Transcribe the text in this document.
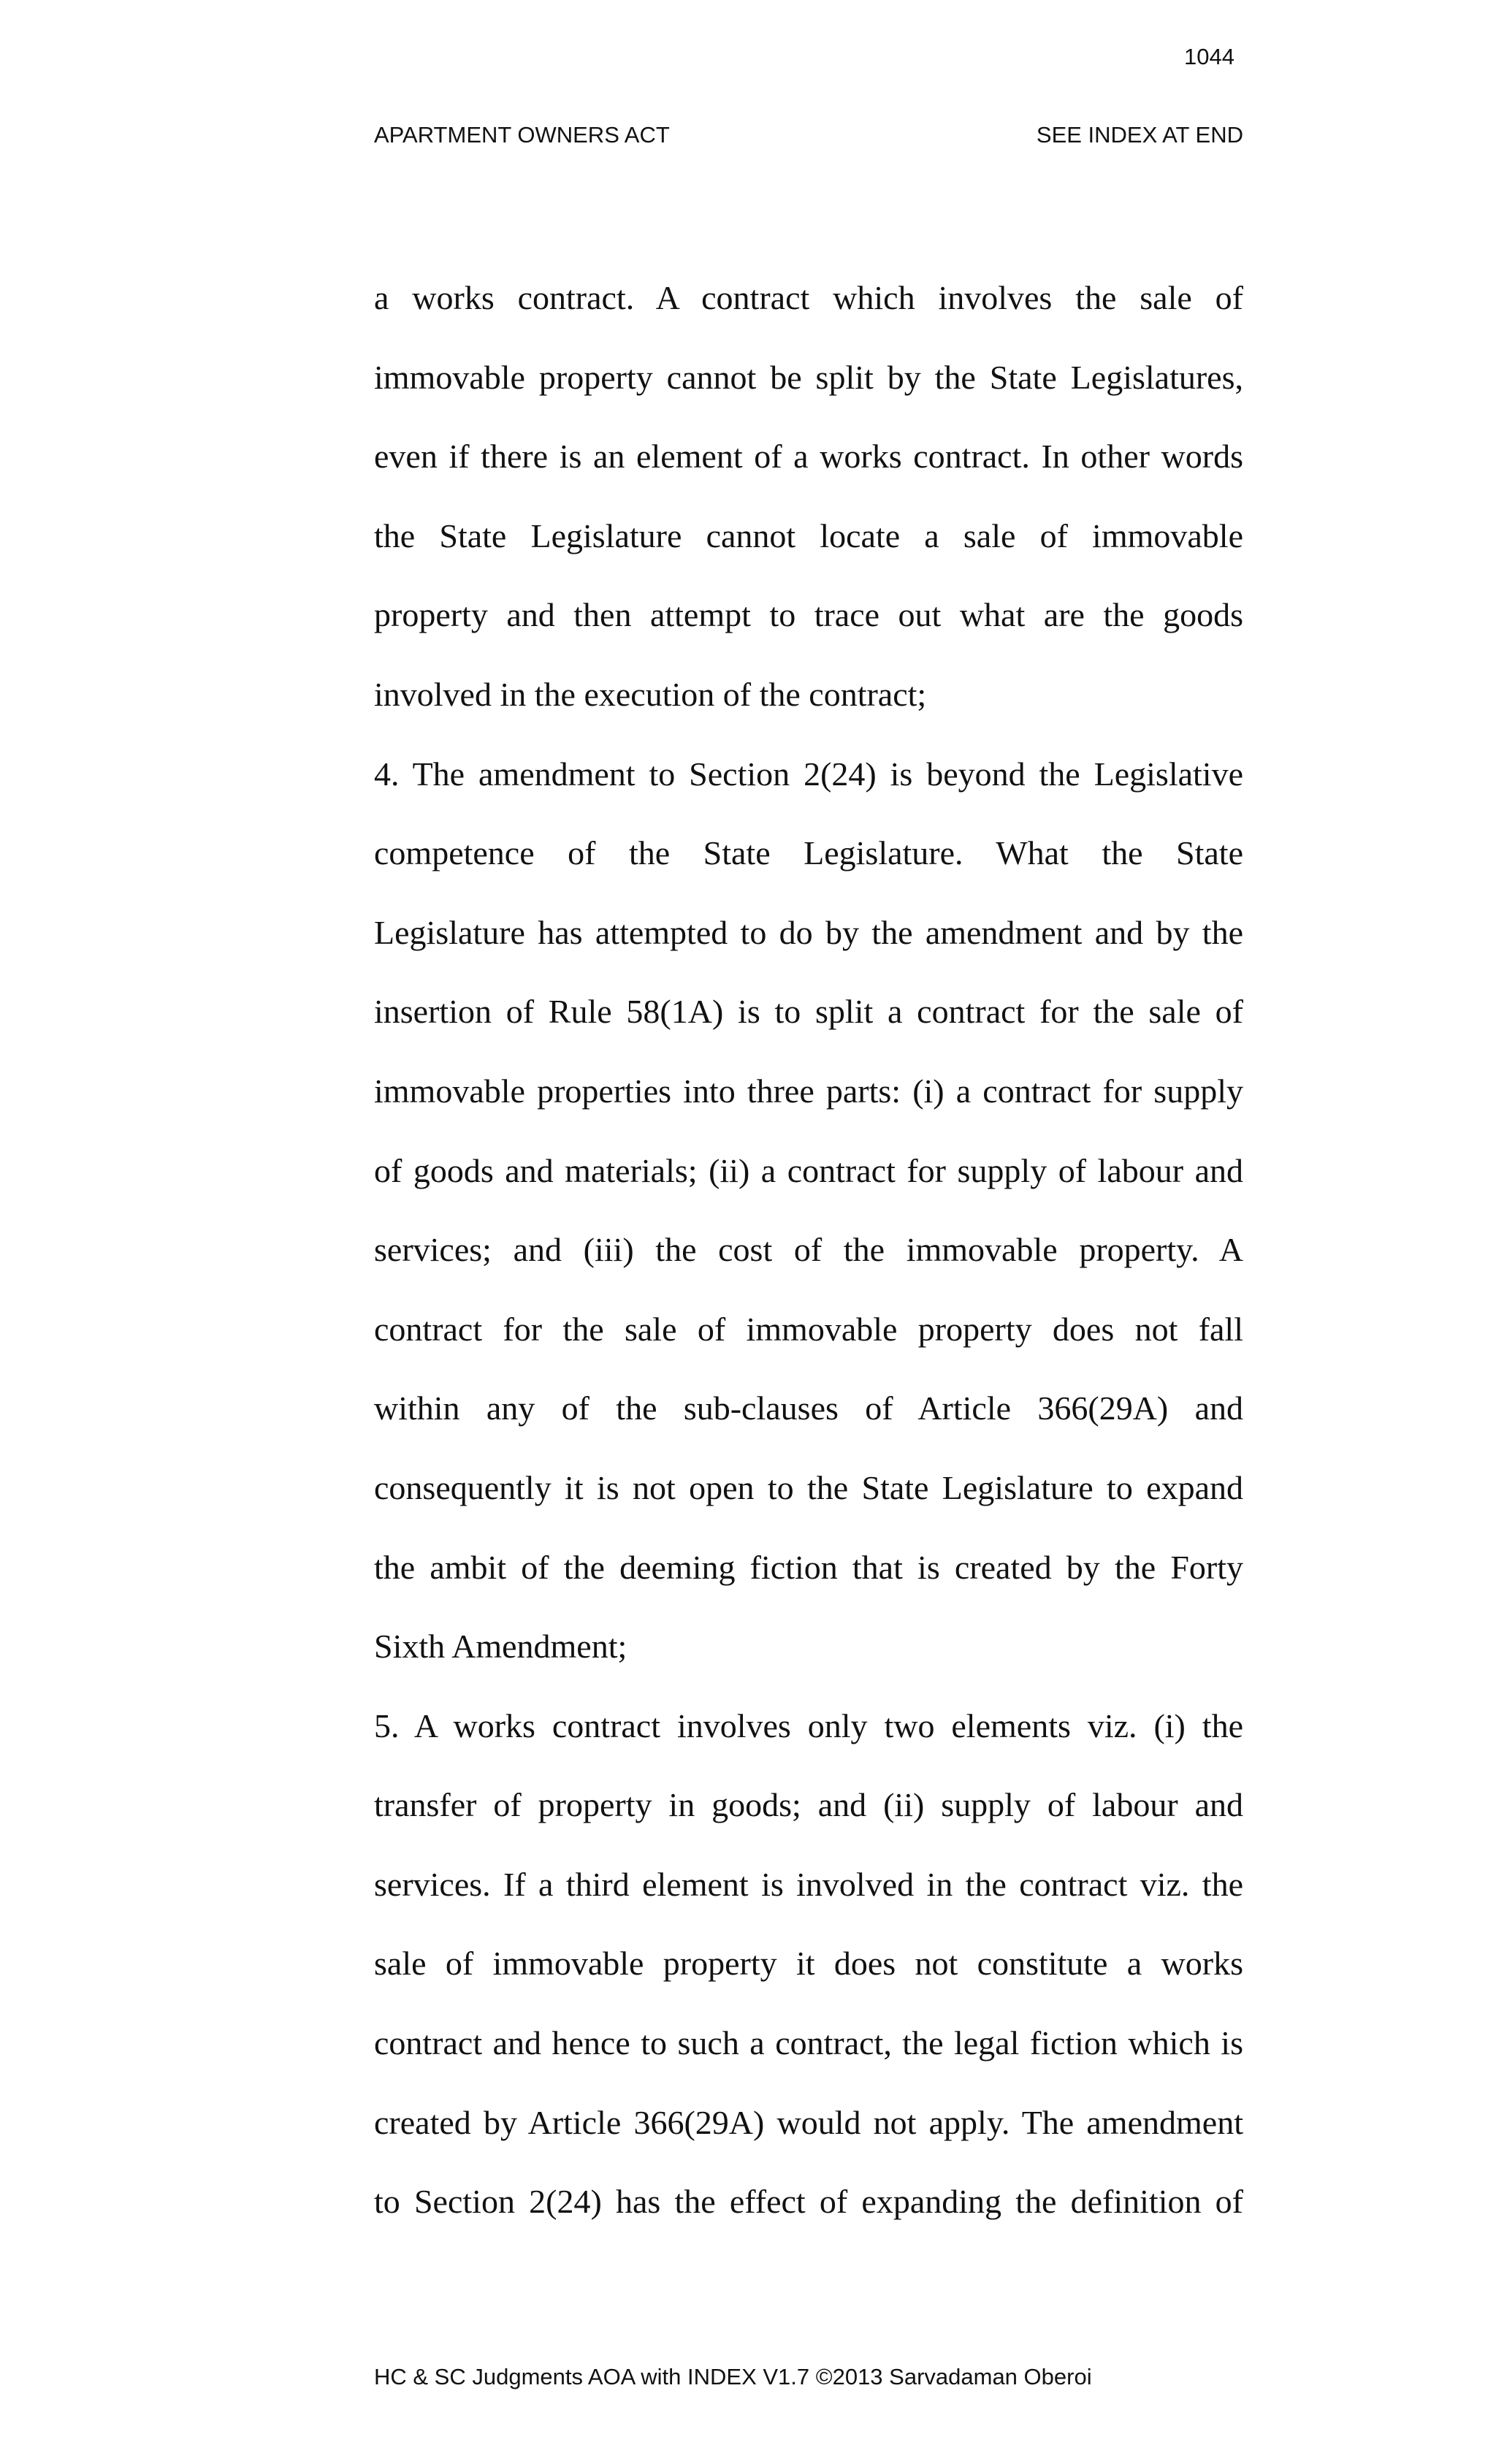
1044
APARTMENT OWNERS ACT	SEE INDEX AT END
a works contract. A contract which involves the sale of
immovable property cannot be split by the State Legislatures,
even if there is an element of a works contract. In other words
the State Legislature cannot locate a sale of immovable
property and then attempt to trace out what are the goods
involved in the execution of the contract;
4. The amendment to Section 2(24) is beyond the Legislative
competence of the State Legislature. What the State
Legislature has attempted to do by the amendment and by the
insertion of Rule 58(1A) is to split a contract for the sale of
immovable properties into three parts: (i) a contract for supply
of goods and materials; (ii) a contract for supply of labour and
services; and (iii) the cost of the immovable property. A
contract for the sale of immovable property does not fall
within any of the sub-clauses of Article 366(29A) and
consequently it is not open to the State Legislature to expand
the ambit of the deeming fiction that is created by the Forty
Sixth Amendment;
5. A works contract involves only two elements viz. (i) the
transfer of property in goods; and (ii) supply of labour and
services. If a third element is involved in the contract viz. the
sale of immovable property it does not constitute a works
contract and hence to such a contract, the legal fiction which is
created by Article 366(29A) would not apply. The amendment
to Section 2(24) has the effect of expanding the definition of
HC & SC Judgments AOA with INDEX V1.7 ©2013 Sarvadaman Oberoi
